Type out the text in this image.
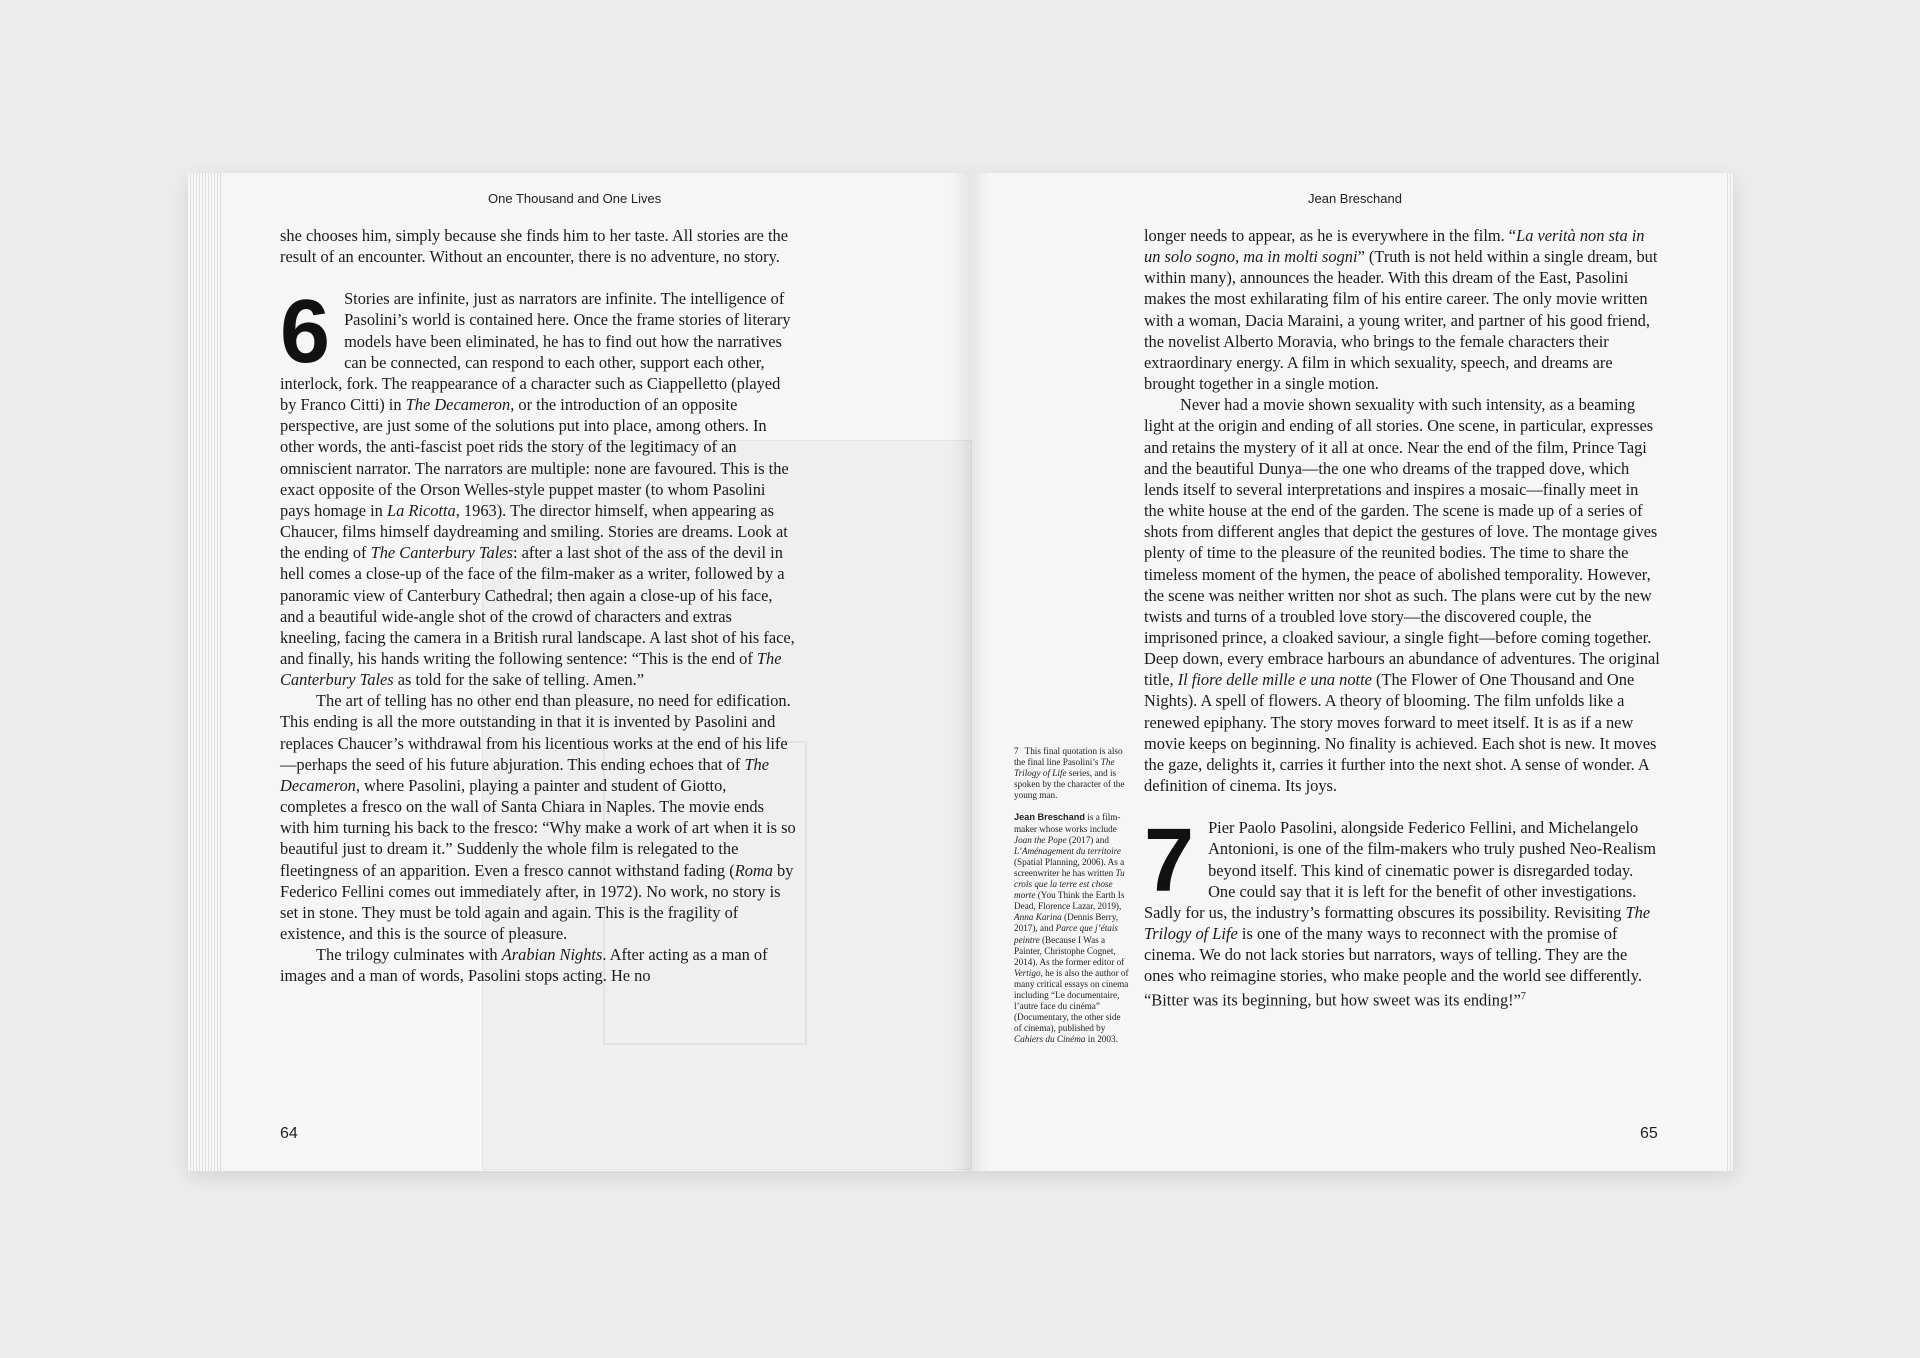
One Thousand and One Lives	Jean Breschand

she chooses him, simply because she finds him to her taste. All stories are the result of an encounter. Without an encounter, there is no adventure, no story.

6 Stories are infinite, just as narrators are infinite. The intelligence of Pasolini’s world is contained here. Once the frame stories of literary models have been eliminated, he has to find out how the narratives can be connected, can respond to each other, support each other, interlock, fork. The reappearance of a character such as Ciappelletto (played by Franco Citti) in The Decameron, or the introduction of an opposite perspective, are just some of the solutions put into place, among others. In other words, the anti-fascist poet rids the story of the legitimacy of an omniscient narrator. The narrators are multiple: none are favoured. This is the exact opposite of the Orson Welles-style puppet master (to whom Pasolini pays homage in La Ricotta, 1963). The director himself, when appearing as Chaucer, films himself daydreaming and smiling. Stories are dreams. Look at the ending of The Canterbury Tales: after a last shot of the ass of the devil in hell comes a close-up of the face of the film-maker as a writer, followed by a panoramic view of Canterbury Cathedral; then again a close-up of his face, and a beautiful wide-angle shot of the crowd of characters and extras kneeling, facing the camera in a British rural landscape. A last shot of his face, and finally, his hands writing the following sentence: “This is the end of The Canterbury Tales as told for the sake of telling. Amen.”

The art of telling has no other end than pleasure, no need for edification. This ending is all the more outstanding in that it is invented by Pasolini and replaces Chaucer’s withdrawal from his licentious works at the end of his life—perhaps the seed of his future abjuration. This ending echoes that of The Decameron, where Pasolini, playing a painter and student of Giotto, completes a fresco on the wall of Santa Chiara in Naples. The movie ends with him turning his back to the fresco: “Why make a work of art when it is so beautiful just to dream it.” Suddenly the whole film is relegated to the fleetingness of an apparition. Even a fresco cannot withstand fading (Roma by Federico Fellini comes out immediately after, in 1972). No work, no story is set in stone. They must be told again and again. This is the fragility of existence, and this is the source of pleasure.

The trilogy culminates with Arabian Nights. After acting as a man of images and a man of words, Pasolini stops acting. He no

longer needs to appear, as he is everywhere in the film. “La verità non sta in un solo sogno, ma in molti sogni” (Truth is not held within a single dream, but within many), announces the header. With this dream of the East, Pasolini makes the most exhilarating film of his entire career. The only movie written with a woman, Dacia Maraini, a young writer, and partner of his good friend, the novelist Alberto Moravia, who brings to the female characters their extraordinary energy. A film in which sexuality, speech, and dreams are brought together in a single motion.

Never had a movie shown sexuality with such intensity, as a beaming light at the origin and ending of all stories. One scene, in particular, expresses and retains the mystery of it all at once. Near the end of the film, Prince Tagi and the beautiful Dunya—the one who dreams of the trapped dove, which lends itself to several interpretations and inspires a mosaic—finally meet in the white house at the end of the garden. The scene is made up of a series of shots from different angles that depict the gestures of love. The montage gives plenty of time to the pleasure of the reunited bodies. The time to share the timeless moment of the hymen, the peace of abolished temporality. However, the scene was neither written nor shot as such. The plans were cut by the new twists and turns of a troubled love story—the discovered couple, the imprisoned prince, a cloaked saviour, a single fight—before coming together. Deep down, every embrace harbours an abundance of adventures. The original title, Il fiore delle mille e una notte (The Flower of One Thousand and One Nights). A spell of flowers. A theory of blooming. The film unfolds like a renewed epiphany. The story moves forward to meet itself. It is as if a new movie keeps on beginning. No finality is achieved. Each shot is new. It moves the gaze, delights it, carries it further into the next shot. A sense of wonder. A definition of cinema. Its joys.

7 Pier Paolo Pasolini, alongside Federico Fellini, and Michelangelo Antonioni, is one of the film-makers who truly pushed Neo-Realism beyond itself. This kind of cinematic power is disregarded today. One could say that it is left for the benefit of other investigations. Sadly for us, the industry’s formatting obscures its possibility. Revisiting The Trilogy of Life is one of the many ways to reconnect with the promise of cinema. We do not lack stories but narrators, ways of telling. They are the ones who reimagine stories, who make people and the world see differently. “Bitter was its beginning, but how sweet was its ending!”$^7$

7 This final quotation is also the final line Pasolini’s The Trilogy of Life series, and is spoken by the character of the young man.

Jean Breschand is a film-maker whose works include Joan the Pope (2017) and L’Aménagement du territoire (Spatial Planning, 2006). As a screenwriter he has written Tu crois que la terre est chose morte (You Think the Earth Is Dead, Florence Lazar, 2019), Anna Karina (Dennis Berry, 2017), and Parce que j’étais peintre (Because I Was a Painter, Christophe Cognet, 2014). As the former editor of Vertigo, he is also the author of many critical essays on cinema including “Le documentaire, l’autre face du cinéma” (Documentary, the other side of cinema), published by Cahiers du Cinéma in 2003.

64	65
